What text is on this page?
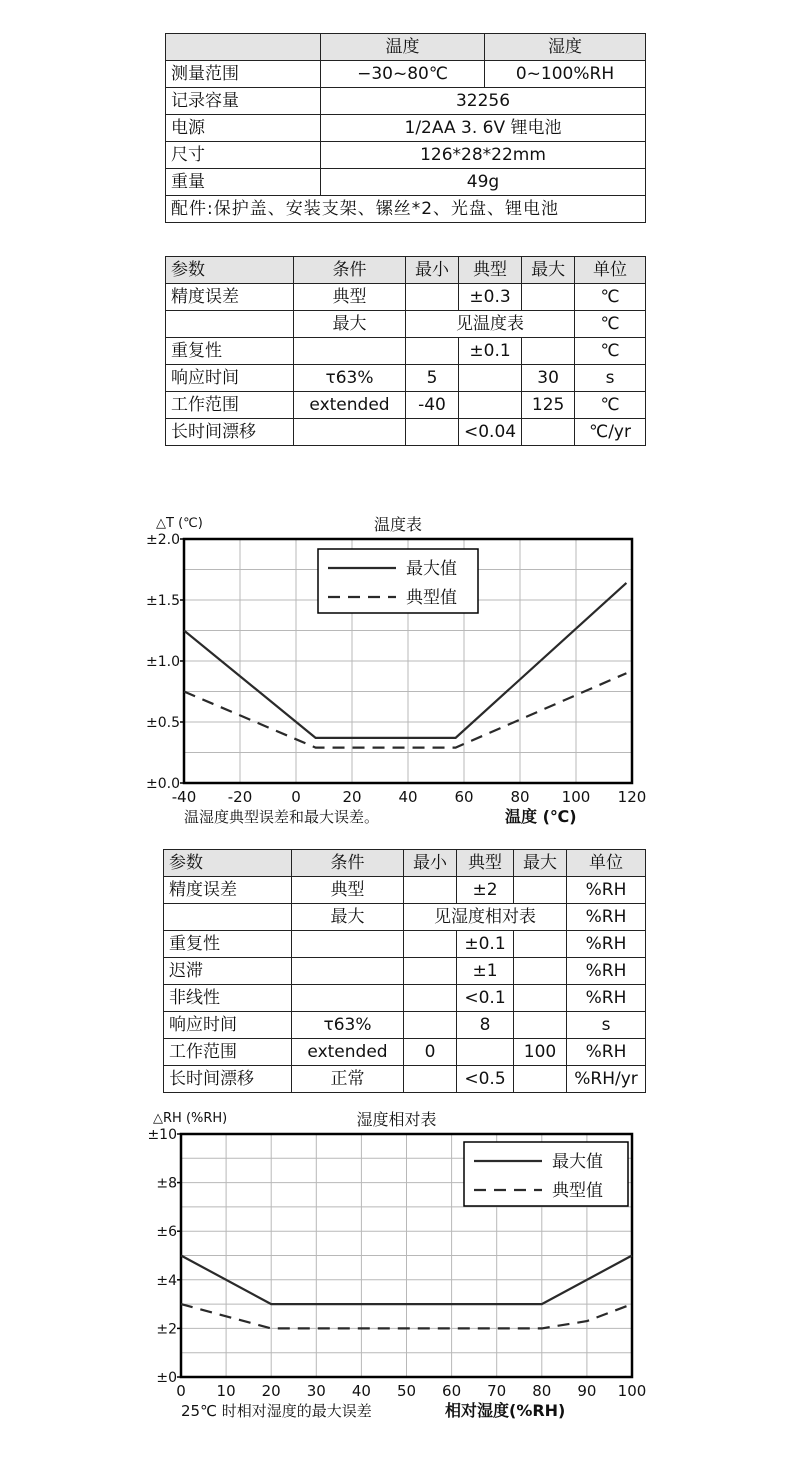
	温度	湿度
测量范围	−30~80℃	0~100%RH
记录容量	32256	
电源	1/2AA 3. 6V 锂电池	
尺寸	126*28*22mm	
重量	49g	
配件:保护盖、安装支架、镙丝*2、光盘、锂电池		
参数	条件	最小	典型	最大	单位
精度误差	典型		±0.3		℃
	最大	见温度表			℃
重复性			±0.1		℃
响应时间	τ63%	5		30	s
工作范围	extended	-40		125	℃
长时间漂移			<0.04		℃/yr
±0.0
±0.5
±1.0
±1.5
±2.0
-40 -20	0	20 40 60 80 100 120
温度表
△T (℃)
温度 (℃)
温湿度典型误差和最大误差。
最大值
典型值
参数	条件	最小	典型	最大	单位
精度误差	典型		±2		%RH
	最大	见湿度相对表			%RH
重复性			±0.1		%RH
迟滞			±1		%RH
非线性			<0.1		%RH
响应时间	τ63%		8		s
工作范围	extended	0		100	%RH
长时间漂移	正常		<0.5		%RH/yr
±0
±2
±4
±6
±8
±10
0 10 20 30 40 50 60 70 80 90 100
湿度相对表
△RH (%RH)
相对湿度(%RH)
25℃ 时相对湿度的最大误差
最大值
典型值
